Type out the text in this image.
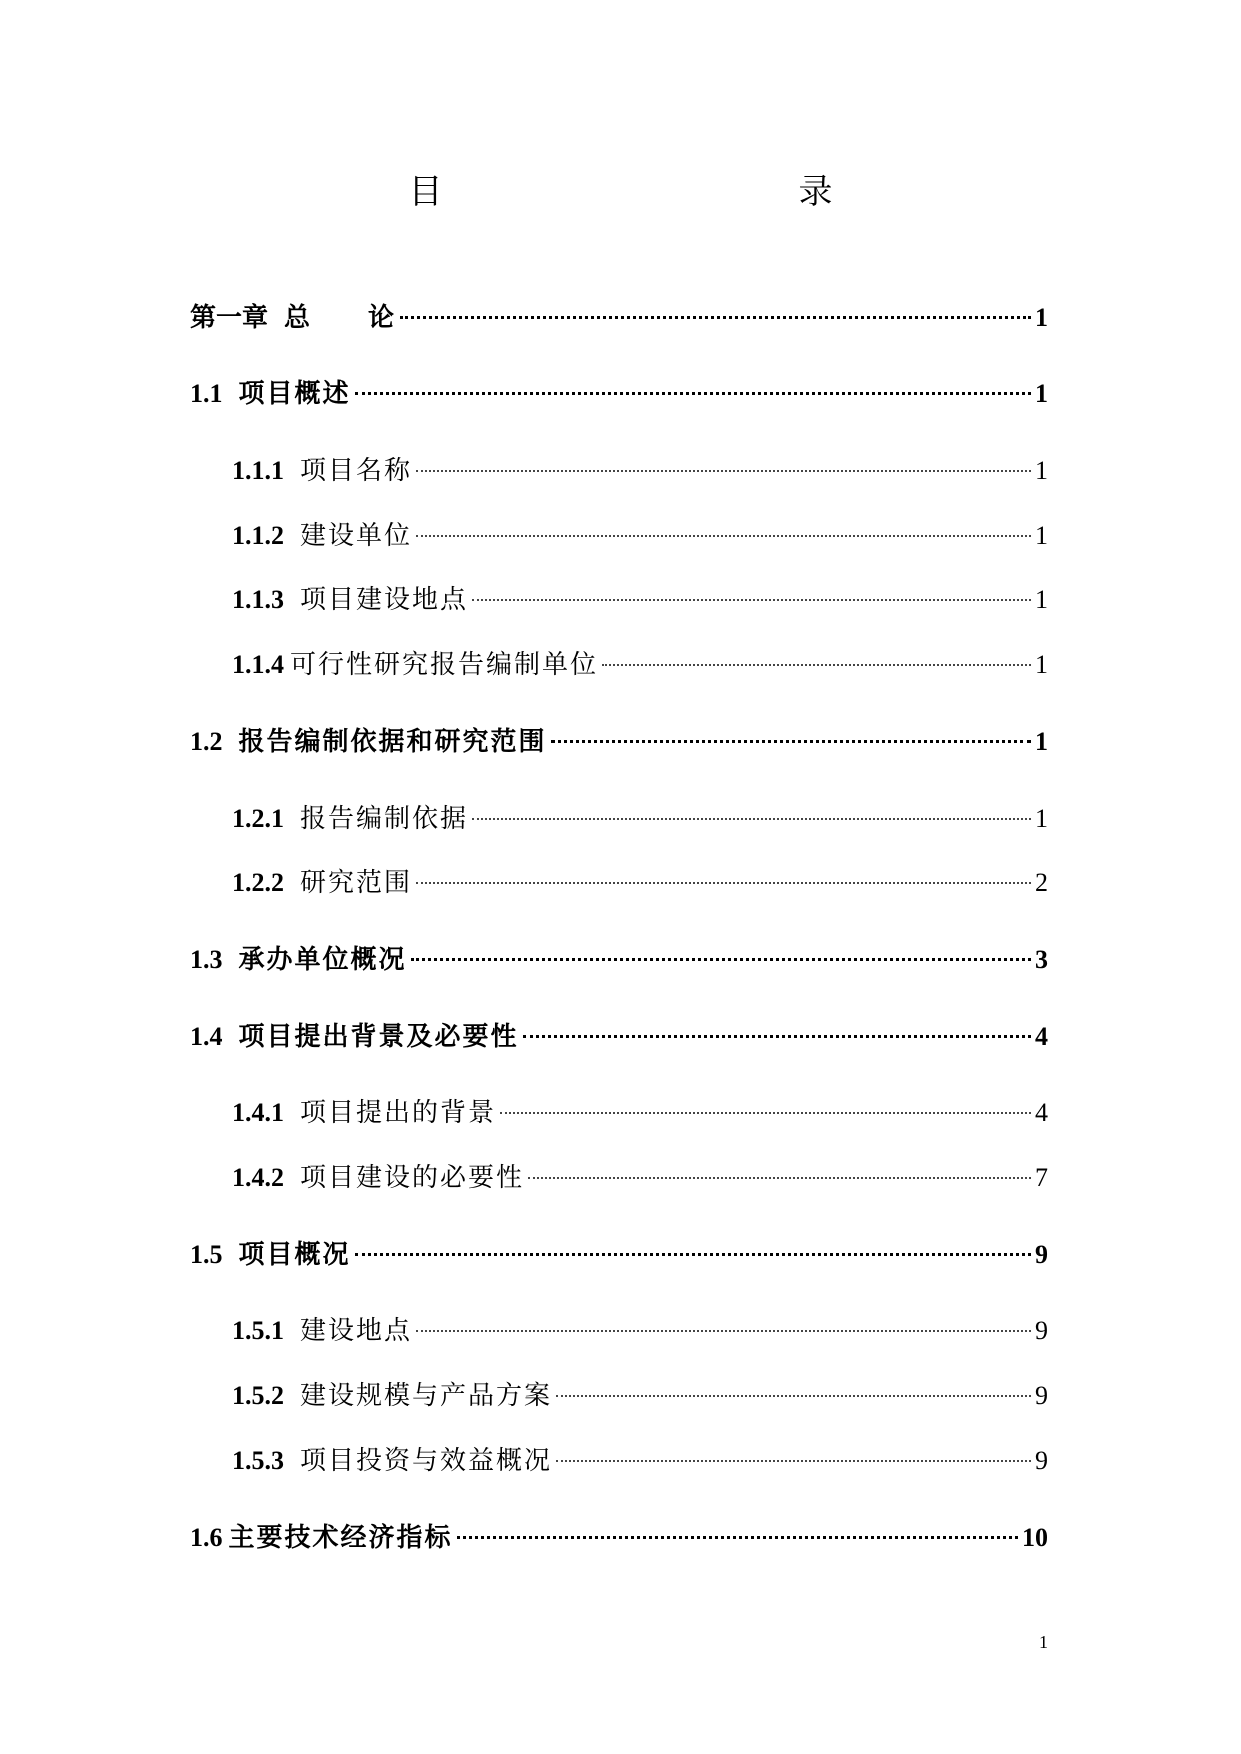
目　　录
第一章 总　　论	1
1.1 项目概述	1
1.1.1 项目名称	1
1.1.2 建设单位	1
1.1.3 项目建设地点	1
1.1.4 可行性研究报告编制单位	1
1.2 报告编制依据和研究范围	1
1.2.1 报告编制依据	1
1.2.2 研究范围	2
1.3 承办单位概况	3
1.4 项目提出背景及必要性	4
1.4.1 项目提出的背景	4
1.4.2 项目建设的必要性	7
1.5 项目概况	9
1.5.1 建设地点	9
1.5.2 建设规模与产品方案	9
1.5.3 项目投资与效益概况	9
1.6 主要技术经济指标	10
1
